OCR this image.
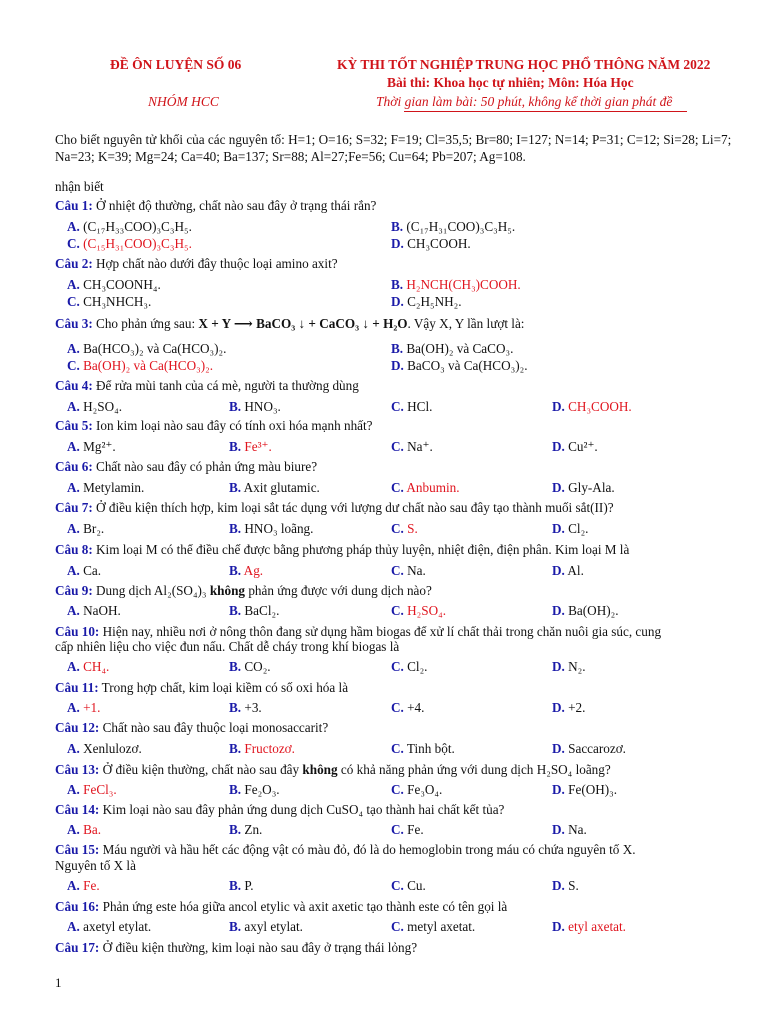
ĐỀ ÔN LUYỆN SỐ 06	KỲ THI TỐT NGHIỆP TRUNG HỌC PHỔ THÔNG NĂM 2022
Bài thi: Khoa học tự nhiên; Môn: Hóa Học
NHÓM HCC	Thời gian làm bài: 50 phút, không kể thời gian phát đề
Cho biết nguyên tử khối của các nguyên tố: H=1; O=16; S=32; F=19; Cl=35,5; Br=80; I=127; N=14; P=31; C=12; Si=28; Li=7; Na=23; K=39; Mg=24; Ca=40; Ba=137; Sr=88; Al=27;Fe=56; Cu=64; Pb=207; Ag=108.
nhận biết
Câu 1: Ở nhiệt độ thường, chất nào sau đây ở trạng thái rắn?
A. (C₁₇H₃₃COO)₃C₃H₅.	B. (C₁₇H₃₁COO)₃C₃H₅.
C. (C₁₅H₃₁COO)₃C₃H₅.	D. CH₃COOH.
Câu 2: Hợp chất nào dưới đây thuộc loại amino axit?
A. CH₃COONH₄.	B. H₂NCH(CH₃)COOH.
C. CH₃NHCH₃.	D. C₂H₅NH₂.
Câu 3: Cho phản ứng sau: X + Y ⟶ BaCO₃ ↓ + CaCO₃ ↓ + H₂O. Vậy X, Y lần lượt là:
A. Ba(HCO₃)₂ và Ca(HCO₃)₂.	B. Ba(OH)₂ và CaCO₃.
C. Ba(OH)₂ và Ca(HCO₃)₂.	D. BaCO₃ và Ca(HCO₃)₂.
Câu 4: Để rửa mùi tanh của cá mè, người ta thường dùng
A. H₂SO₄.	B. HNO₃.	C. HCl.	D. CH₃COOH.
Câu 5: Ion kim loại nào sau đây có tính oxi hóa mạnh nhất?
A. Mg²⁺.	B. Fe³⁺.	C. Na⁺.	D. Cu²⁺.
Câu 6: Chất nào sau đây có phản ứng màu biure?
A. Metylamin.	B. Axit glutamic.	C. Anbumin.	D. Gly-Ala.
Câu 7: Ở điều kiện thích hợp, kim loại sắt tác dụng với lượng dư chất nào sau đây tạo thành muối sắt(II)?
A. Br₂.	B. HNO₃ loãng.	C. S.	D. Cl₂.
Câu 8: Kim loại M có thể điều chế được bằng phương pháp thủy luyện, nhiệt điện, điện phân. Kim loại M là
A. Ca.	B. Ag.	C. Na.	D. Al.
Câu 9: Dung dịch Al₂(SO₄)₃ không phản ứng được với dung dịch nào?
A. NaOH.	B. BaCl₂.	C. H₂SO₄.	D. Ba(OH)₂.
Câu 10: Hiện nay, nhiều nơi ở nông thôn đang sử dụng hầm biogas để xử lí chất thải trong chăn nuôi gia súc, cung
cấp nhiên liệu cho việc đun nấu. Chất dễ cháy trong khí biogas là
A. CH₄.	B. CO₂.	C. Cl₂.	D. N₂.
Câu 11: Trong hợp chất, kim loại kiềm có số oxi hóa là
A. +1.	B. +3.	C. +4.	D. +2.
Câu 12: Chất nào sau đây thuộc loại monosaccarit?
A. Xenlulozơ.	B. Fructozơ.	C. Tinh bột.	D. Saccarozơ.
Câu 13: Ở điều kiện thường, chất nào sau đây không có khả năng phản ứng với dung dịch H₂SO₄ loãng?
A. FeCl₃.	B. Fe₂O₃.	C. Fe₃O₄.	D. Fe(OH)₃.
Câu 14: Kim loại nào sau đây phản ứng dung dịch CuSO₄ tạo thành hai chất kết tủa?
A. Ba.	B. Zn.	C. Fe.	D. Na.
Câu 15: Máu người và hầu hết các động vật có màu đỏ, đó là do hemoglobin trong máu có chứa nguyên tố X.
Nguyên tố X là
A. Fe.	B. P.	C. Cu.	D. S.
Câu 16: Phản ứng este hóa giữa ancol etylic và axit axetic tạo thành este có tên gọi là
A. axetyl etylat.	B. axyl etylat.	C. metyl axetat.	D. etyl axetat.
Câu 17: Ở điều kiện thường, kim loại nào sau đây ở trạng thái lỏng?
1
